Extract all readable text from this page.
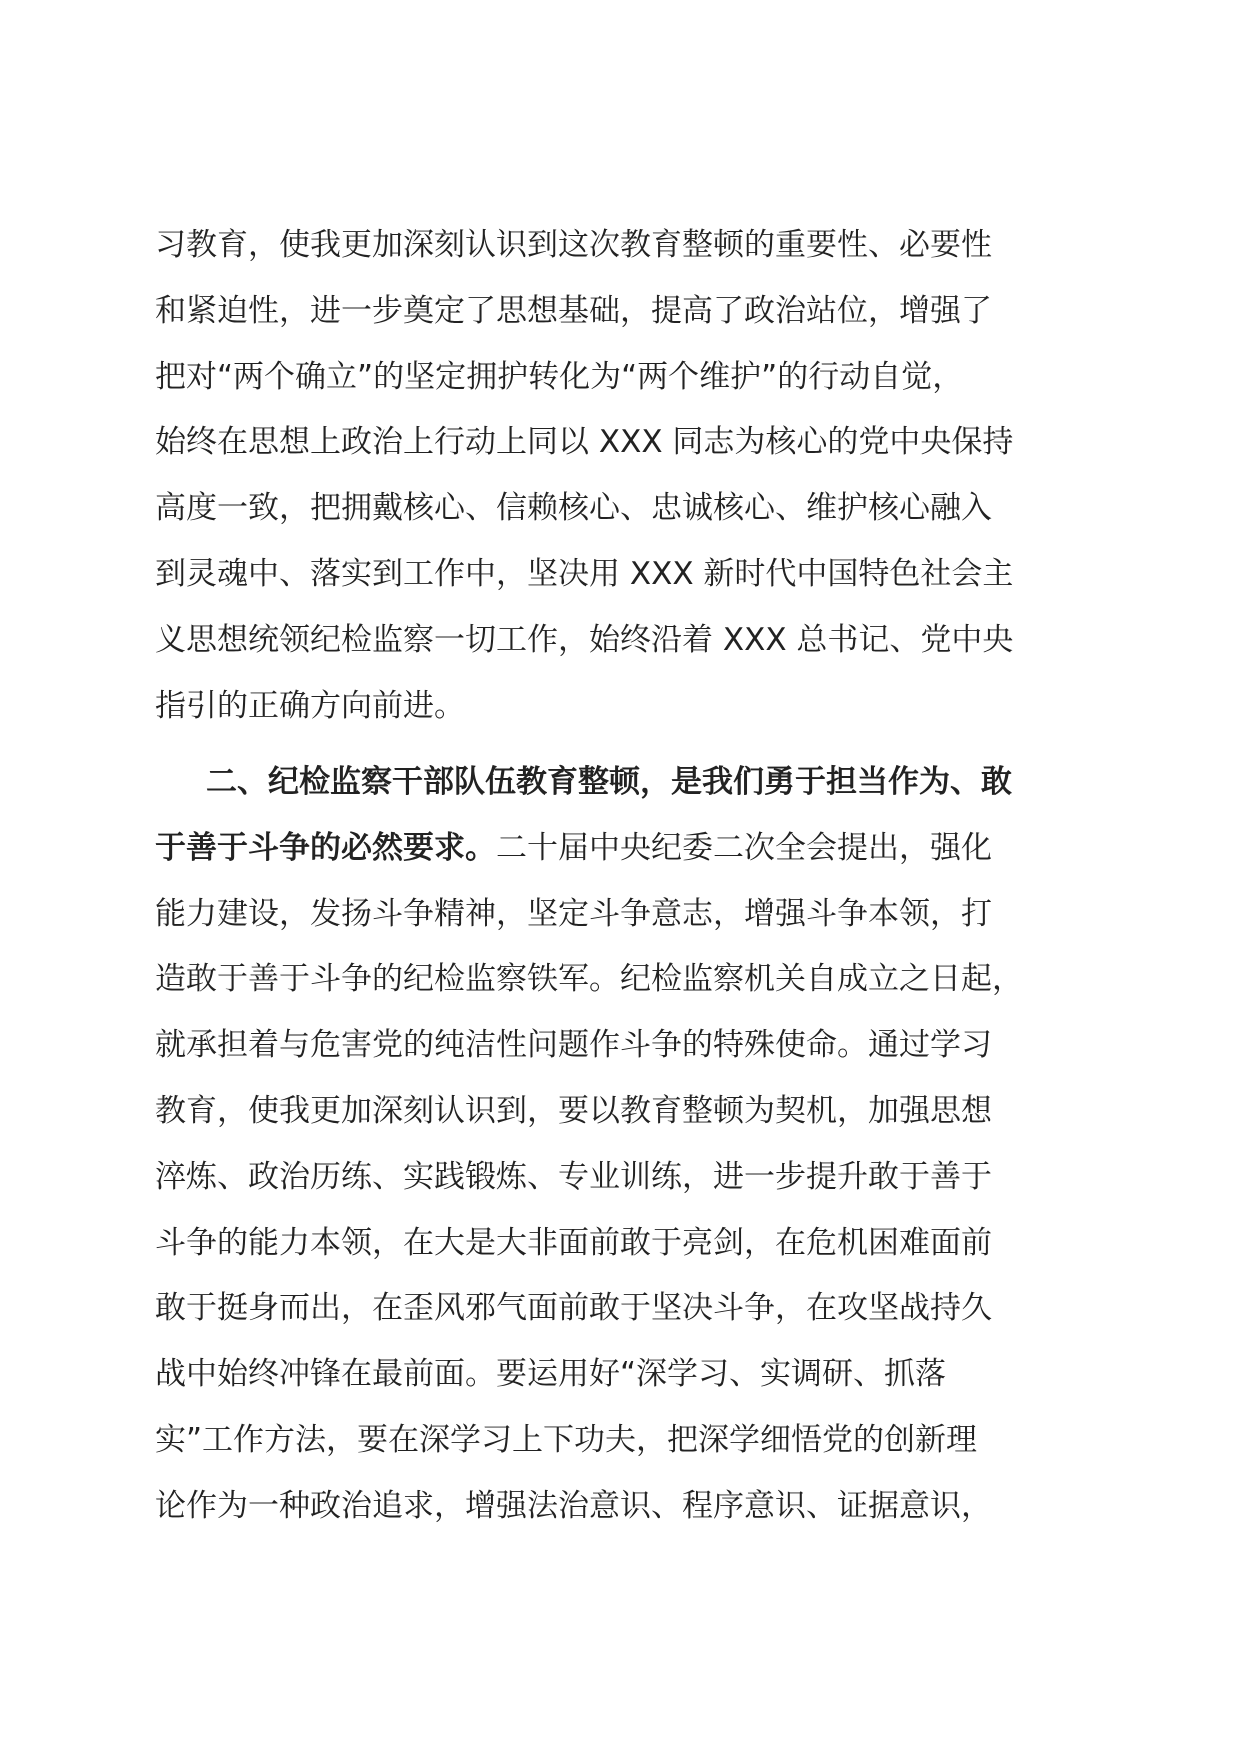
习教育，使我更加深刻认识到这次教育整顿的重要性、必要性
和紧迫性，进一步奠定了思想基础，提高了政治站位，增强了
把对“两个确立”的坚定拥护转化为“两个维护”的行动自觉，
始终在思想上政治上行动上同以 XXX 同志为核心的党中央保持
高度一致，把拥戴核心、信赖核心、忠诚核心、维护核心融入
到灵魂中、落实到工作中，坚决用 XXX 新时代中国特色社会主
义思想统领纪检监察一切工作，始终沿着 XXX 总书记、党中央
指引的正确方向前进。
二、纪检监察干部队伍教育整顿，是我们勇于担当作为、敢
于善于斗争的必然要求。二十届中央纪委二次全会提出，强化
能力建设，发扬斗争精神，坚定斗争意志，增强斗争本领，打
造敢于善于斗争的纪检监察铁军。纪检监察机关自成立之日起，
就承担着与危害党的纯洁性问题作斗争的特殊使命。通过学习
教育，使我更加深刻认识到，要以教育整顿为契机，加强思想
淬炼、政治历练、实践锻炼、专业训练，进一步提升敢于善于
斗争的能力本领，在大是大非面前敢于亮剑，在危机困难面前
敢于挺身而出，在歪风邪气面前敢于坚决斗争，在攻坚战持久
战中始终冲锋在最前面。要运用好“深学习、实调研、抓落
实”工作方法，要在深学习上下功夫，把深学细悟党的创新理
论作为一种政治追求，增强法治意识、程序意识、证据意识，
